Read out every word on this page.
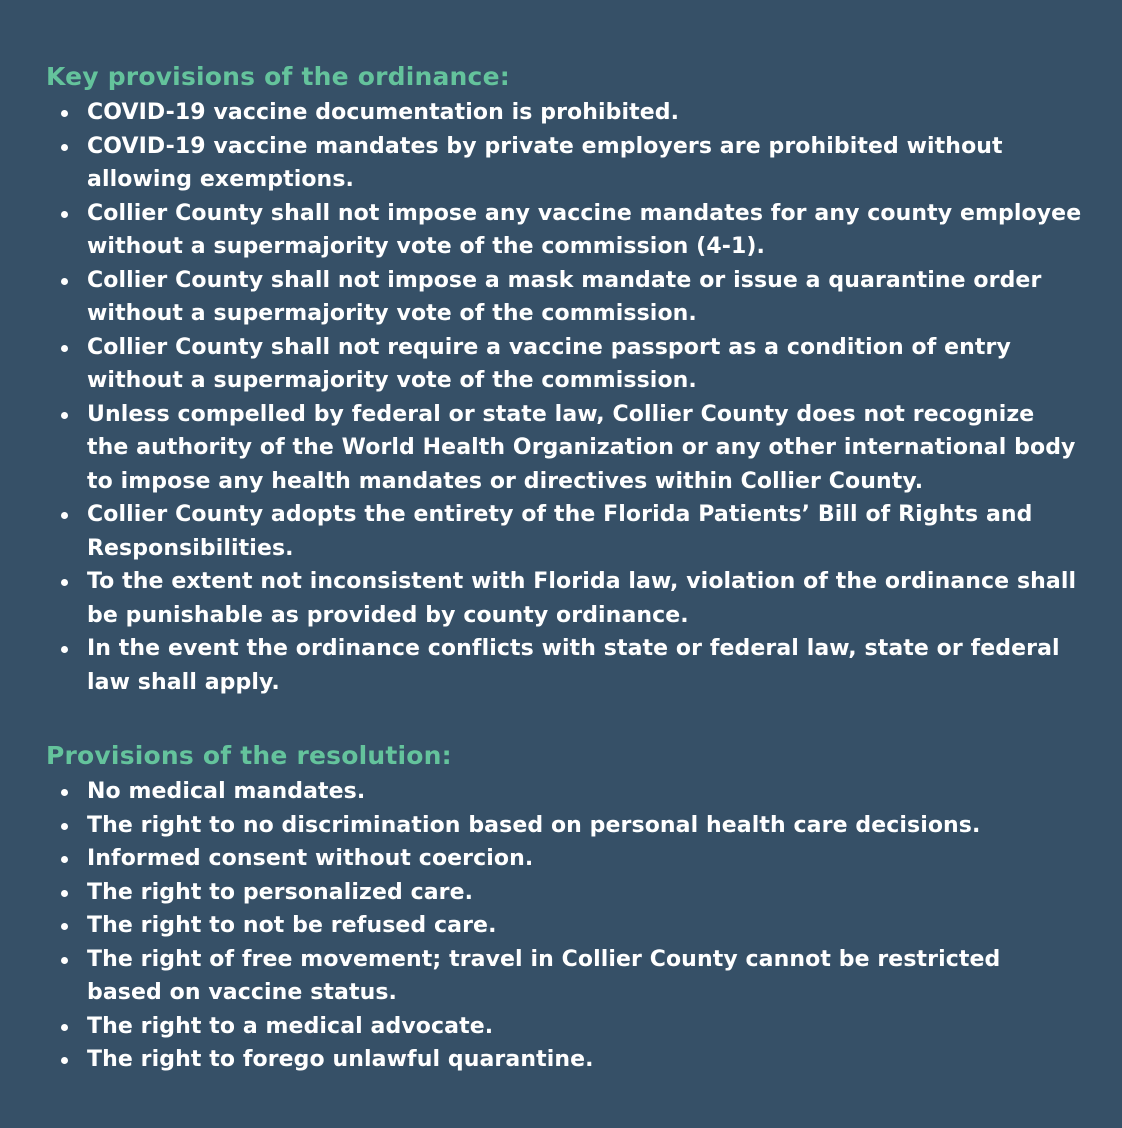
Key provisions of the ordinance:
COVID-19 vaccine documentation is prohibited.
COVID-19 vaccine mandates by private employers are prohibited without allowing exemptions.
Collier County shall not impose any vaccine mandates for any county employee without a supermajority vote of the commission (4-1).
Collier County shall not impose a mask mandate or issue a quarantine order without a supermajority vote of the commission.
Collier County shall not require a vaccine passport as a condition of entry without a supermajority vote of the commission.
Unless compelled by federal or state law, Collier County does not recognize the authority of the World Health Organization or any other international body to impose any health mandates or directives within Collier County.
Collier County adopts the entirety of the Florida Patients’ Bill of Rights and Responsibilities.
To the extent not inconsistent with Florida law, violation of the ordinance shall be punishable as provided by county ordinance.
In the event the ordinance conflicts with state or federal law, state or federal law shall apply.
Provisions of the resolution:
No medical mandates.
The right to no discrimination based on personal health care decisions.
Informed consent without coercion.
The right to personalized care.
The right to not be refused care.
The right of free movement; travel in Collier County cannot be restricted based on vaccine status.
The right to a medical advocate.
The right to forego unlawful quarantine.
